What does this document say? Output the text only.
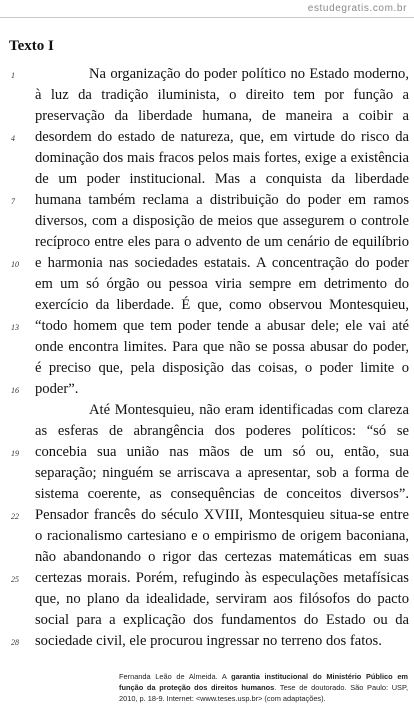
estudegratis.com.br
Texto I
1	Na organização do poder político no Estado moderno,
à luz da tradição iluminista, o direito tem por função a
preservação da liberdade humana, de maneira a coibir a
4 desordem do estado de natureza, que, em virtude do risco da
dominação dos mais fracos pelos mais fortes, exige a existência
de um poder institucional. Mas a conquista da liberdade
7 humana também reclama a distribuição do poder em ramos
diversos, com a disposição de meios que assegurem o controle
recíproco entre eles para o advento de um cenário de equilíbrio
10 e harmonia nas sociedades estatais. A concentração do poder
em um só órgão ou pessoa viria sempre em detrimento do
exercício da liberdade. É que, como observou Montesquieu,
13 “todo homem que tem poder tende a abusar dele; ele vai até
onde encontra limites. Para que não se possa abusar do poder,
é preciso que, pela disposição das coisas, o poder limite o
16 poder”.
Até Montesquieu, não eram identificadas com clareza
as esferas de abrangência dos poderes políticos: “só se
19 concebia sua união nas mãos de um só ou, então, sua
separação; ninguém se arriscava a apresentar, sob a forma de
sistema coerente, as consequências de conceitos diversos”.
22 Pensador francês do século XVIII, Montesquieu situa-se entre
o racionalismo cartesiano e o empirismo de origem baconiana,
não abandonando o rigor das certezas matemáticas em suas
25 certezas morais. Porém, refugindo às especulações metafísicas
que, no plano da idealidade, serviram aos filósofos do pacto
social para a explicação dos fundamentos do Estado ou da
28 sociedade civil, ele procurou ingressar no terreno dos fatos.
Fernanda Leão de Almeida. A garantia institucional do Ministério Público em função da proteção dos direitos humanos. Tese de doutorado. São Paulo: USP, 2010, p. 18-9. Internet: <www.teses.usp.br> (com adaptações).
